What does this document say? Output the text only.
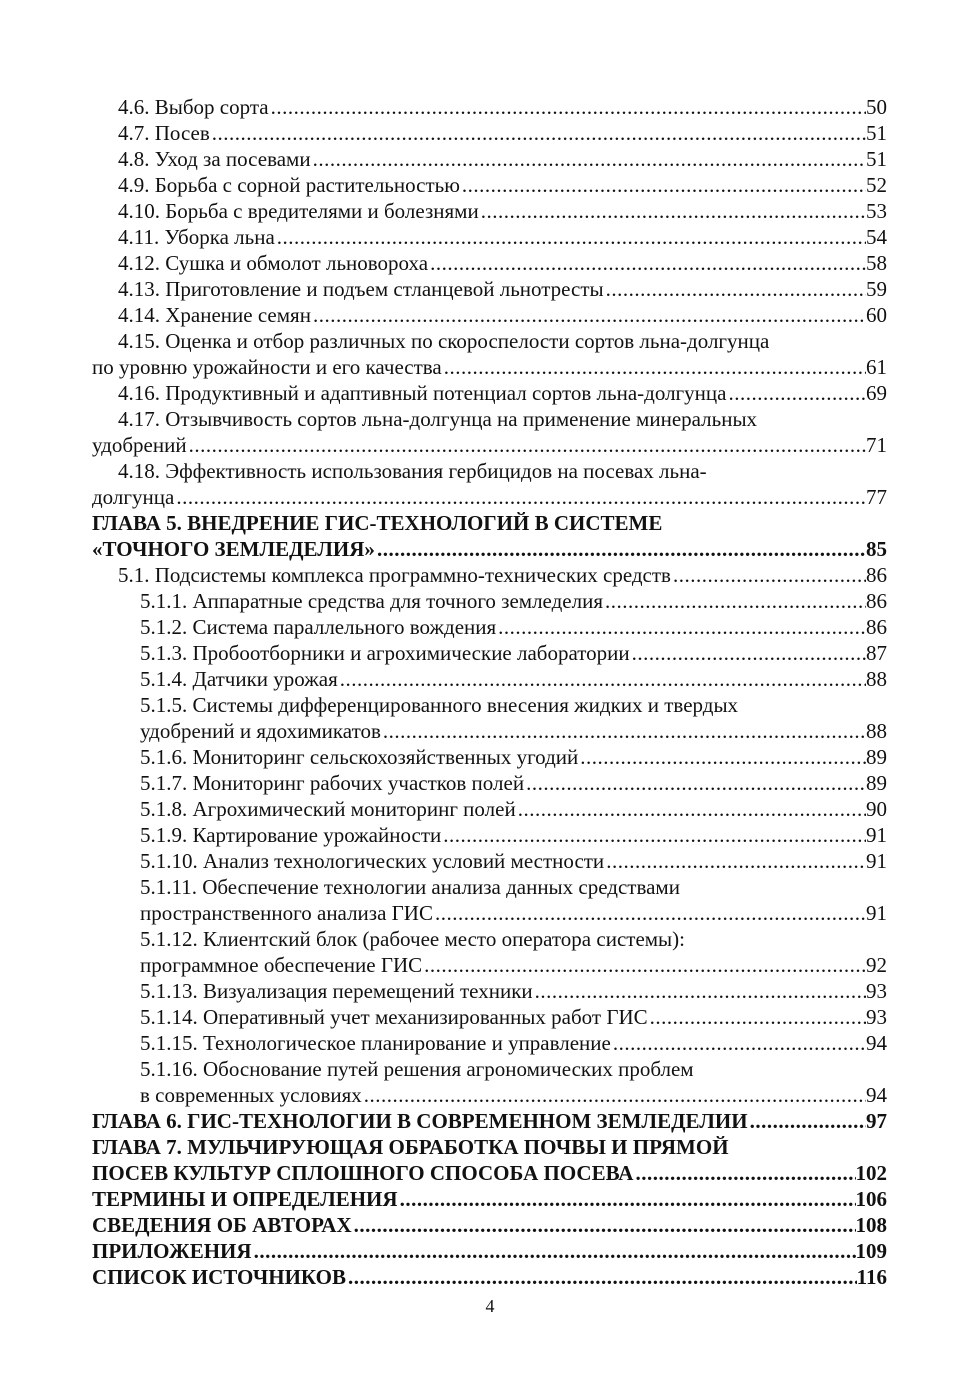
4.6. Выбор сорта .....	50
4.7. Посев .....	51
4.8. Уход за посевами .....	51
4.9. Борьба с сорной растительностью .....	52
4.10. Борьба с вредителями и болезнями .....	53
4.11. Уборка льна .....	54
4.12. Сушка и обмолот льновороха .....	58
4.13. Приготовление и подъем стланцевой льнотресты .....	59
4.14. Хранение семян .....	60
4.15. Оценка и отбор различных по скороспелости сортов льна-долгунца
по уровню урожайности и его качества .....	61
4.16. Продуктивный и адаптивный потенциал сортов льна-долгунца .....	69
4.17. Отзывчивость сортов льна-долгунца на применение минеральных
удобрений .....	71
4.18. Эффективность использования гербицидов на посевах льна-
долгунца .....	77
ГЛАВА 5. ВНЕДРЕНИЕ ГИС-ТЕХНОЛОГИЙ В СИСТЕМЕ
«ТОЧНОГО ЗЕМЛЕДЕЛИЯ» .....	85
5.1. Подсистемы комплекса программно-технических средств .....	86
5.1.1. Аппаратные средства для точного земледелия .....	86
5.1.2. Система параллельного вождения .....	86
5.1.3. Пробоотборники и агрохимические лаборатории .....	87
5.1.4. Датчики урожая .....	88
5.1.5. Системы дифференцированного внесения жидких и твердых
удобрений и ядохимикатов .....	88
5.1.6. Мониторинг сельскохозяйственных угодий .....	89
5.1.7. Мониторинг рабочих участков полей .....	89
5.1.8. Агрохимический мониторинг полей .....	90
5.1.9. Картирование урожайности .....	91
5.1.10. Анализ технологических условий местности .....	91
5.1.11. Обеспечение технологии анализа данных средствами
пространственного анализа ГИС .....	91
5.1.12. Клиентский блок (рабочее место оператора системы):
программное обеспечение ГИС .....	92
5.1.13. Визуализация перемещений техники .....	93
5.1.14. Оперативный учет механизированных работ ГИС .....	93
5.1.15. Технологическое планирование и управление .....	94
5.1.16. Обоснование путей решения агрономических проблем
в современных условиях .....	94
ГЛАВА 6. ГИС-ТЕХНОЛОГИИ В СОВРЕМЕННОМ ЗЕМЛЕДЕЛИИ .....	97
ГЛАВА 7. МУЛЬЧИРУЮЩАЯ ОБРАБОТКА ПОЧВЫ И ПРЯМОЙ
ПОСЕВ КУЛЬТУР СПЛОШНОГО СПОСОБА ПОСЕВА .....	102
ТЕРМИНЫ И ОПРЕДЕЛЕНИЯ .....	106
СВЕДЕНИЯ ОБ АВТОРАХ .....	108
ПРИЛОЖЕНИЯ .....	109
СПИСОК ИСТОЧНИКОВ .....	116
4
